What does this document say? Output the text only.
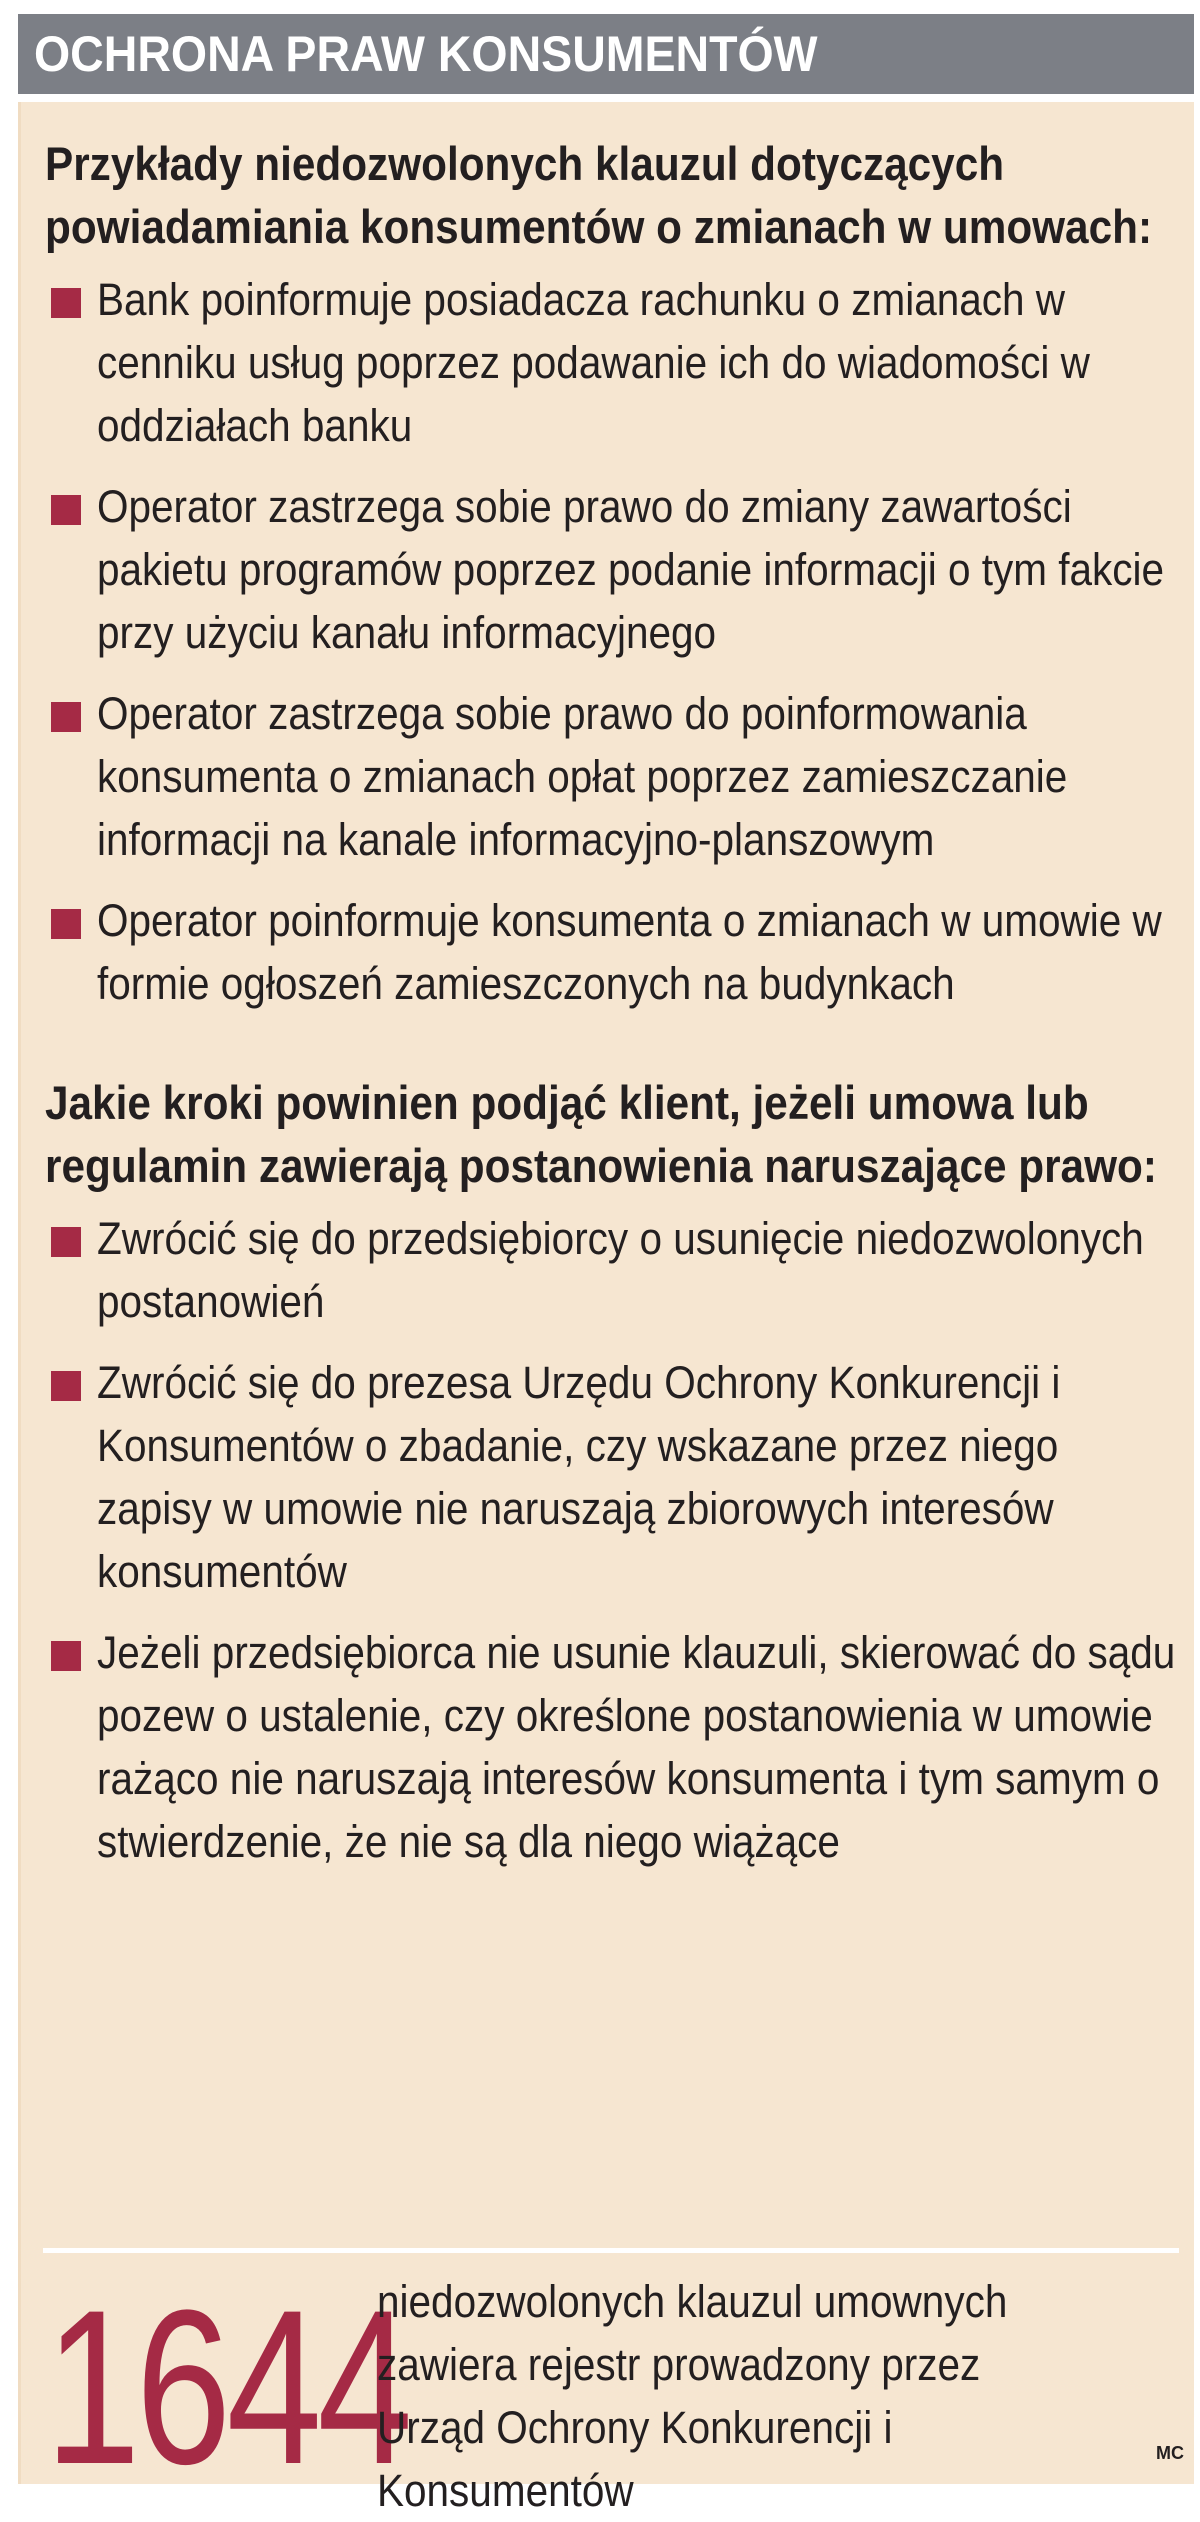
OCHRONA PRAW KONSUMENTÓW
Przykłady niedozwolonych klauzul dotyczących powiadamiania konsumentów o zmianach w umowach:
Bank poinformuje posiadacza rachunku o zmianach w cenniku usług poprzez podawanie ich do wiadomości w oddziałach banku
Operator zastrzega sobie prawo do zmiany zawartości pakietu programów poprzez podanie informacji o tym fakcie przy użyciu kanału informacyjnego
Operator zastrzega sobie prawo do poinformowania konsumenta o zmianach opłat poprzez zamieszczanie informacji na kanale informacyjno-planszowym
Operator poinformuje konsumenta o zmianach w umowie w formie ogłoszeń zamieszczonych na budynkach
Jakie kroki powinien podjąć klient, jeżeli umowa lub regulamin zawierają postanowienia naruszające prawo:
Zwrócić się do przedsiębiorcy o usunięcie niedozwolonych postanowień
Zwrócić się do prezesa Urzędu Ochrony Konkurencji i Konsumentów o zbadanie, czy wskazane przez niego zapisy w umowie nie naruszają zbiorowych interesów konsumentów
Jeżeli przedsiębiorca nie usunie klauzuli, skierować do sądu pozew o ustalenie, czy określone postanowienia w umowie rażąco nie naruszają interesów konsumenta i tym samym o stwierdzenie, że nie są dla niego wiążące
1644
niedozwolonych klauzul umownych zawiera rejestr prowadzony przez Urząd Ochrony Konkurencji i Konsumentów
MC
